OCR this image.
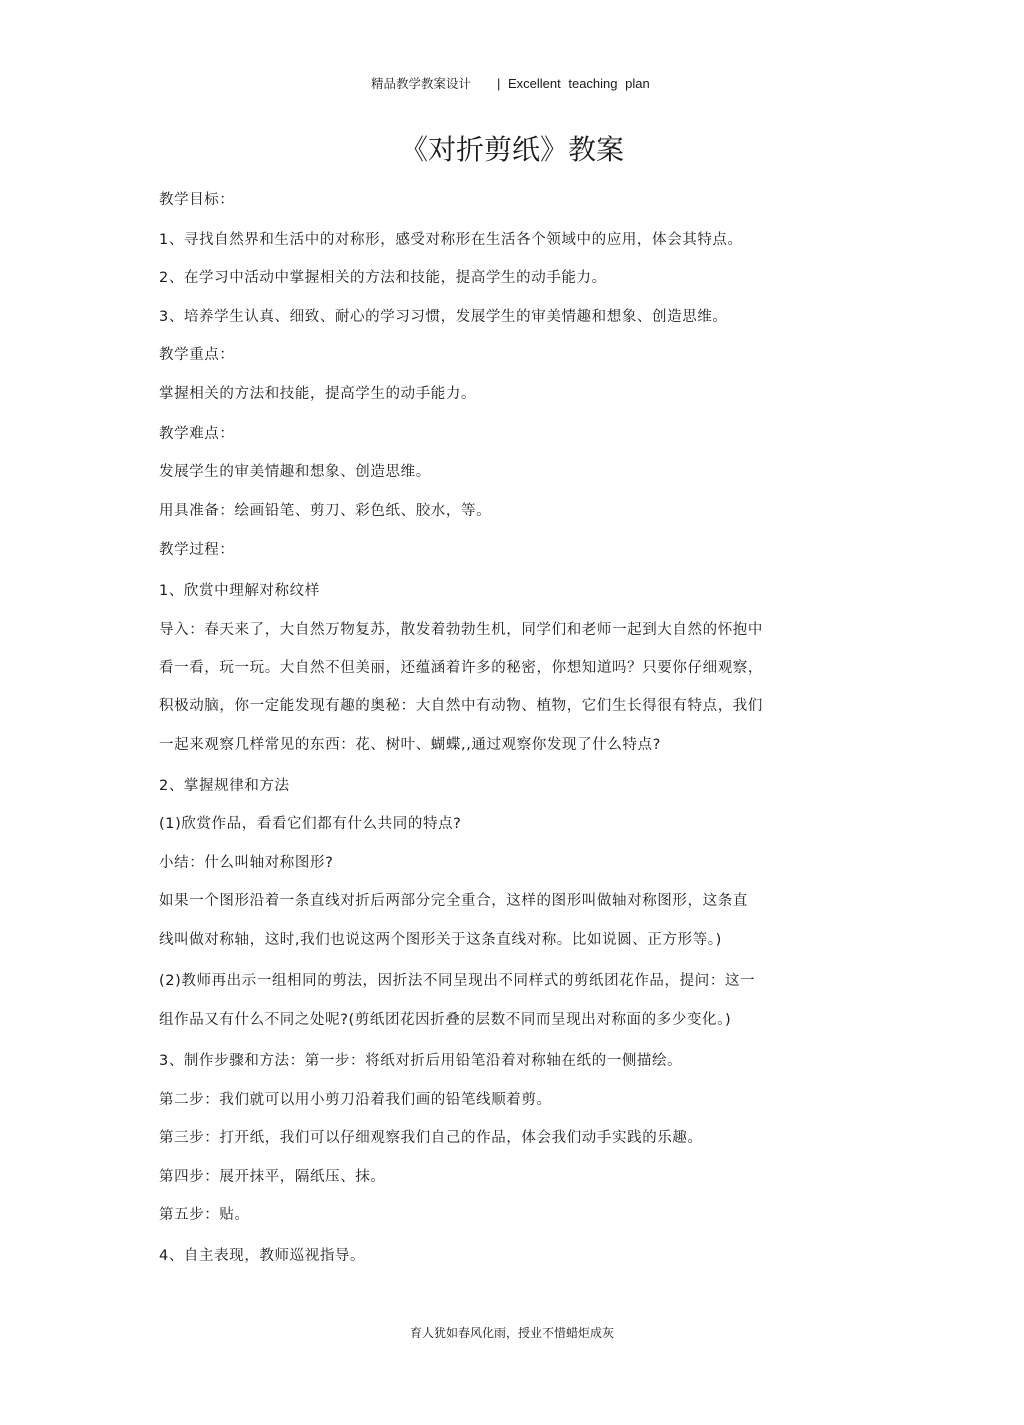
精品教学教案设计 | Excellent teaching plan
《对折剪纸》教案
教学目标：
1、寻找自然界和生活中的对称形，感受对称形在生活各个领域中的应用，体会其特点。
2、在学习中活动中掌握相关的方法和技能，提高学生的动手能力。
3、培养学生认真、细致、耐心的学习习惯，发展学生的审美情趣和想象、创造思维。
教学重点：
掌握相关的方法和技能，提高学生的动手能力。
教学难点：
发展学生的审美情趣和想象、创造思维。
用具准备：绘画铅笔、剪刀、彩色纸、胶水，等。
教学过程：
1、欣赏中理解对称纹样
导入：春天来了，大自然万物复苏，散发着勃勃生机，同学们和老师一起到大自然的怀抱中
看一看，玩一玩。大自然不但美丽，还蕴涵着许多的秘密，你想知道吗？只要你仔细观察，
积极动脑，你一定能发现有趣的奥秘：大自然中有动物、植物，它们生长得很有特点，我们
一起来观察几样常见的东西：花、树叶、蝴蝶,,通过观察你发现了什么特点?
2、掌握规律和方法
(1)欣赏作品，看看它们都有什么共同的特点?
小结：什么叫轴对称图形?
如果一个图形沿着一条直线对折后两部分完全重合，这样的图形叫做轴对称图形，这条直
线叫做对称轴，这时,我们也说这两个图形关于这条直线对称。比如说圆、正方形等。)
(2)教师再出示一组相同的剪法，因折法不同呈现出不同样式的剪纸团花作品，提问：这一
组作品又有什么不同之处呢?(剪纸团花因折叠的层数不同而呈现出对称面的多少变化。)
3、制作步骤和方法：第一步：将纸对折后用铅笔沿着对称轴在纸的一侧描绘。
第二步：我们就可以用小剪刀沿着我们画的铅笔线顺着剪。
第三步：打开纸，我们可以仔细观察我们自己的作品，体会我们动手实践的乐趣。
第四步：展开抹平，隔纸压、抹。
第五步：贴。
4、自主表现，教师巡视指导。
育人犹如春风化雨，授业不惜蜡炬成灰
